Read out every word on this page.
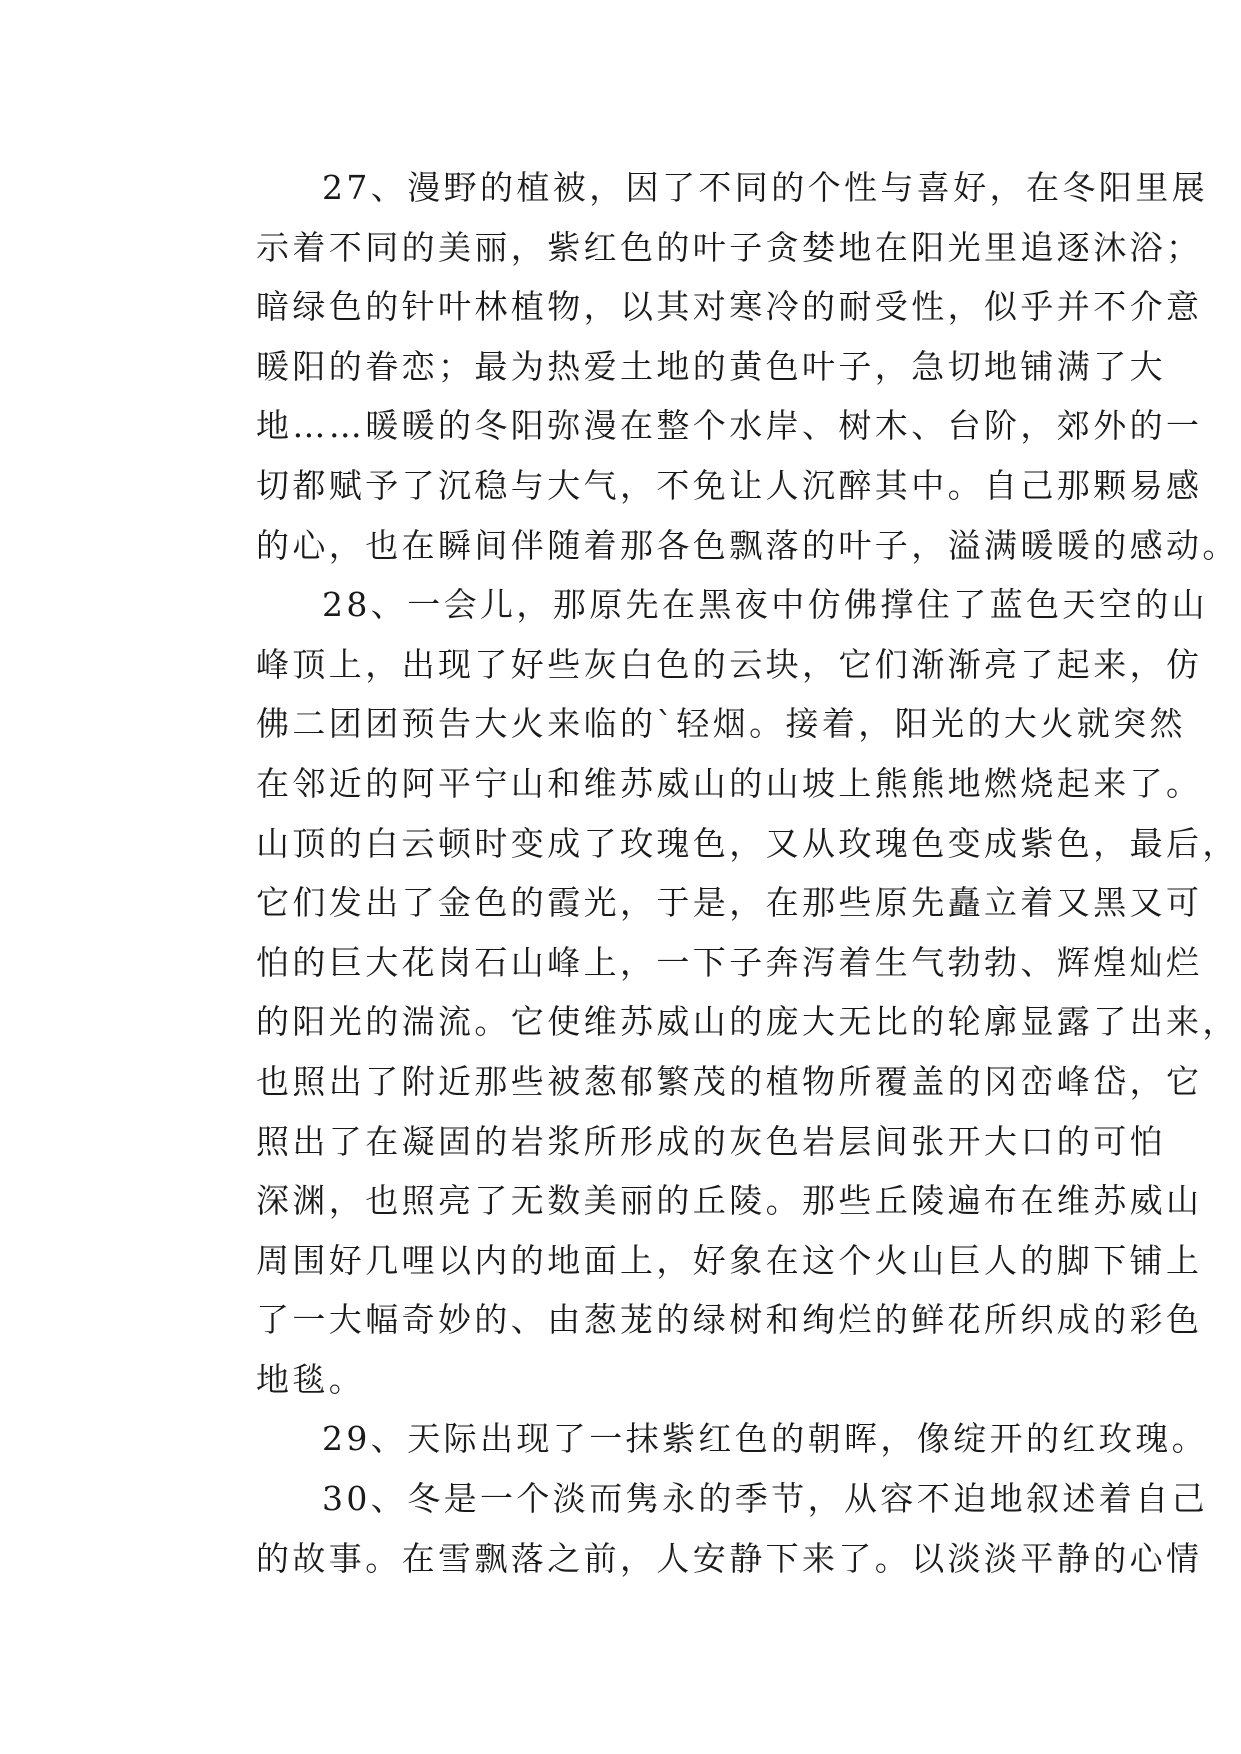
27、漫野的植被，因了不同的个性与喜好，在冬阳里展
示着不同的美丽，紫红色的叶子贪婪地在阳光里追逐沐浴；
暗绿色的针叶林植物，以其对寒冷的耐受性，似乎并不介意
暖阳的眷恋；最为热爱土地的黄色叶子，急切地铺满了大
地……暖暖的冬阳弥漫在整个水岸、树木、台阶，郊外的一
切都赋予了沉稳与大气，不免让人沉醉其中。自己那颗易感
的心，也在瞬间伴随着那各色飘落的叶子，溢满暖暖的感动。
28、一会儿，那原先在黑夜中仿佛撑住了蓝色天空的山
峰顶上，出现了好些灰白色的云块，它们渐渐亮了起来，仿
佛二团团预告大火来临的`轻烟。接着，阳光的大火就突然
在邻近的阿平宁山和维苏威山的山坡上熊熊地燃烧起来了。
山顶的白云顿时变成了玫瑰色，又从玫瑰色变成紫色，最后，
它们发出了金色的霞光，于是，在那些原先矗立着又黑又可
怕的巨大花岗石山峰上，一下子奔泻着生气勃勃、辉煌灿烂
的阳光的湍流。它使维苏威山的庞大无比的轮廓显露了出来，
也照出了附近那些被葱郁繁茂的植物所覆盖的冈峦峰岱，它
照出了在凝固的岩浆所形成的灰色岩层间张开大口的可怕
深渊，也照亮了无数美丽的丘陵。那些丘陵遍布在维苏威山
周围好几哩以内的地面上，好象在这个火山巨人的脚下铺上
了一大幅奇妙的、由葱茏的绿树和绚烂的鲜花所织成的彩色
地毯。
29、天际出现了一抹紫红色的朝晖，像绽开的红玫瑰。
30、冬是一个淡而隽永的季节，从容不迫地叙述着自己
的故事。在雪飘落之前，人安静下来了。以淡淡平静的心情
